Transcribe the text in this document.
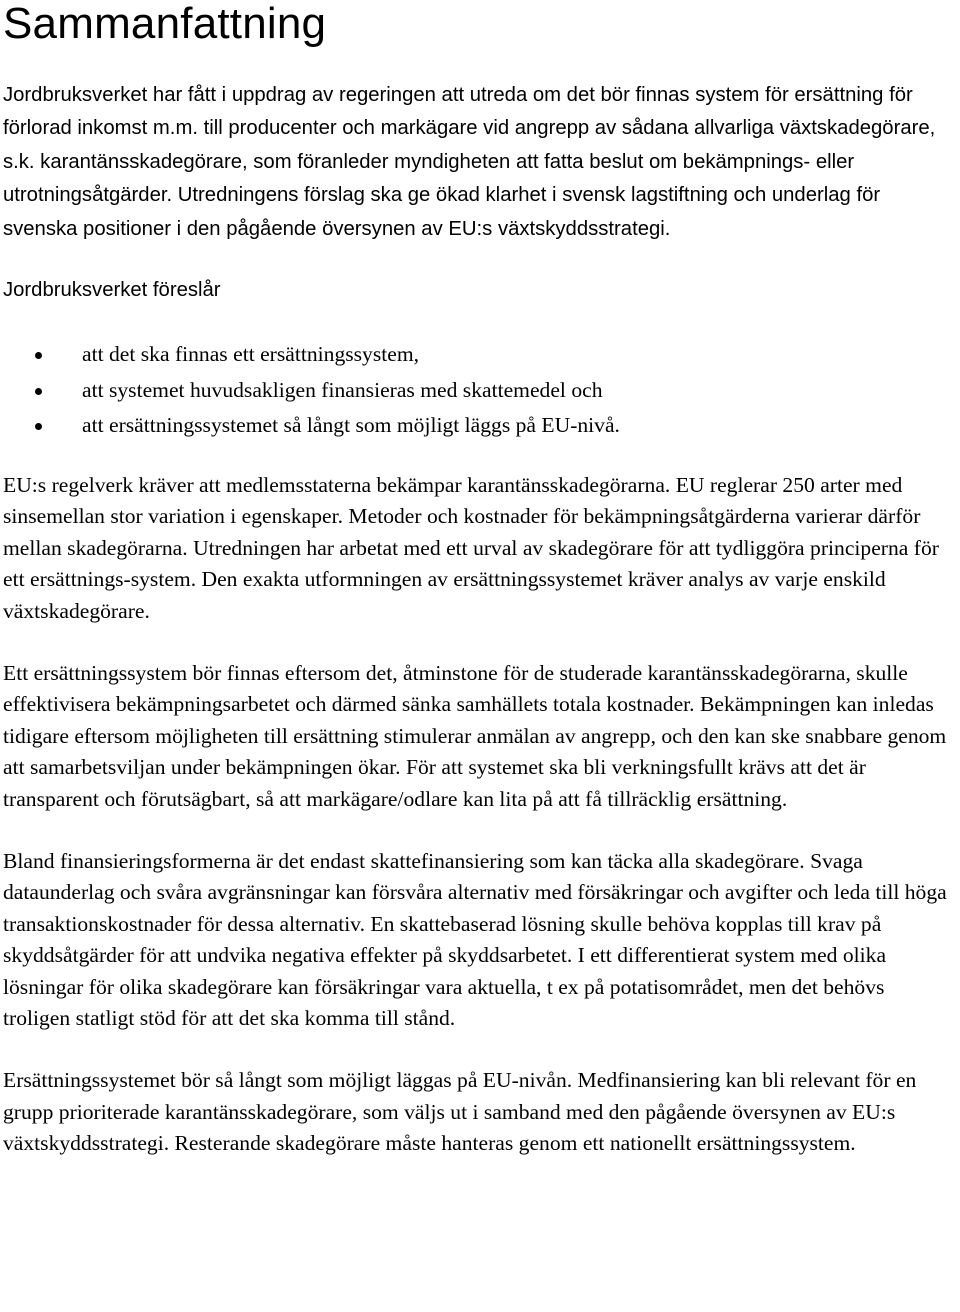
Sammanfattning

Jordbruksverket har fått i uppdrag av regeringen att utreda om det bör finnas system för ersättning för förlorad inkomst m.m. till producenter och markägare vid angrepp av sådana allvarliga växtskadegörare, s.k. karantänsskadegörare, som föranleder myndigheten att fatta beslut om bekämpnings- eller utrotningsåtgärder. Utredningens förslag ska ge ökad klarhet i svensk lagstiftning och underlag för svenska positioner i den pågående översynen av EU:s växtskyddsstrategi.

Jordbruksverket föreslår

att det ska finnas ett ersättningssystem,
att systemet huvudsakligen finansieras med skattemedel och
att ersättningssystemet så långt som möjligt läggs på EU-nivå.

EU:s regelverk kräver att medlemsstaterna bekämpar karantänsskadegörarna. EU reglerar 250 arter med sinsemellan stor variation i egenskaper. Metoder och kostnader för bekämpningsåtgärderna varierar därför mellan skadegörarna. Utredningen har arbetat med ett urval av skadegörare för att tydliggöra principerna för ett ersättnings-system. Den exakta utformningen av ersättningssystemet kräver analys av varje enskild växtskadegörare.

Ett ersättningssystem bör finnas eftersom det, åtminstone för de studerade karantänsskadegörarna, skulle effektivisera bekämpningsarbetet och därmed sänka samhällets totala kostnader. Bekämpningen kan inledas tidigare eftersom möjligheten till ersättning stimulerar anmälan av angrepp, och den kan ske snabbare genom att samarbetsviljan under bekämpningen ökar. För att systemet ska bli verkningsfullt krävs att det är transparent och förutsägbart, så att markägare/odlare kan lita på att få tillräcklig ersättning.

Bland finansieringsformerna är det endast skattefinansiering som kan täcka alla skadegörare. Svaga dataunderlag och svåra avgränsningar kan försvåra alternativ med försäkringar och avgifter och leda till höga transaktionskostnader för dessa alternativ. En skattebaserad lösning skulle behöva kopplas till krav på skyddsåtgärder för att undvika negativa effekter på skyddsarbetet. I ett differentierat system med olika lösningar för olika skadegörare kan försäkringar vara aktuella, t ex på potatisområdet, men det behövs troligen statligt stöd för att det ska komma till stånd.

Ersättningssystemet bör så långt som möjligt läggas på EU-nivån. Medfinansiering kan bli relevant för en grupp prioriterade karantänsskadegörare, som väljs ut i samband med den pågående översynen av EU:s växtskyddsstrategi. Resterande skadegörare måste hanteras genom ett nationellt ersättningssystem.
